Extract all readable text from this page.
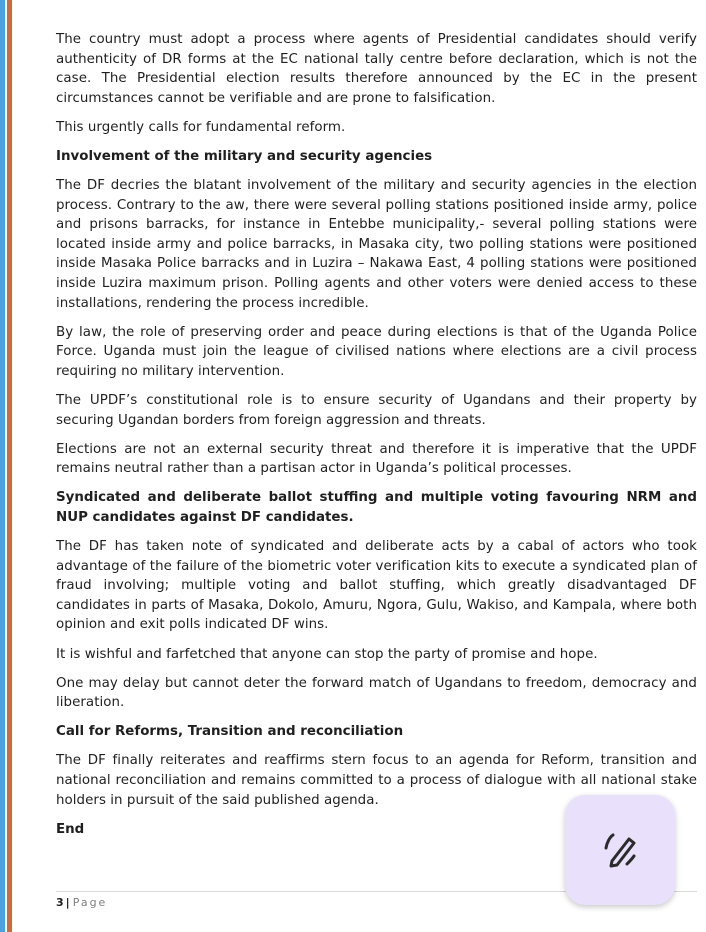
The country must adopt a process where agents of Presidential candidates should verify authenticity of DR forms at the EC national tally centre before declaration, which is not the case. The Presidential election results therefore announced by the EC in the present circumstances cannot be verifiable and are prone to falsification.

This urgently calls for fundamental reform.

Involvement of the military and security agencies

The DF decries the blatant involvement of the military and security agencies in the election process. Contrary to the aw, there were several polling stations positioned inside army, police and prisons barracks, for instance in Entebbe municipality,- several polling stations were located inside army and police barracks, in Masaka city, two polling stations were positioned inside Masaka Police barracks and in Luzira – Nakawa East, 4 polling stations were positioned inside Luzira maximum prison. Polling agents and other voters were denied access to these installations, rendering the process incredible.

By law, the role of preserving order and peace during elections is that of the Uganda Police Force. Uganda must join the league of civilised nations where elections are a civil process requiring no military intervention.

The UPDF’s constitutional role is to ensure security of Ugandans and their property by securing Ugandan borders from foreign aggression and threats.

Elections are not an external security threat and therefore it is imperative that the UPDF remains neutral rather than a partisan actor in Uganda’s political processes.

Syndicated and deliberate ballot stuffing and multiple voting favouring NRM and NUP candidates against DF candidates.

The DF has taken note of syndicated and deliberate acts by a cabal of actors who took advantage of the failure of the biometric voter verification kits to execute a syndicated plan of fraud involving; multiple voting and ballot stuffing, which greatly disadvantaged DF candidates in parts of Masaka, Dokolo, Amuru, Ngora, Gulu, Wakiso, and Kampala, where both opinion and exit polls indicated DF wins.

It is wishful and farfetched that anyone can stop the party of promise and hope.

One may delay but cannot deter the forward match of Ugandans to freedom, democracy and liberation.

Call for Reforms, Transition and reconciliation

The DF finally reiterates and reaffirms stern focus to an agenda for Reform, transition and national reconciliation and remains committed to a process of dialogue with all national stake holders in pursuit of the said published agenda.

End
3 | Page
